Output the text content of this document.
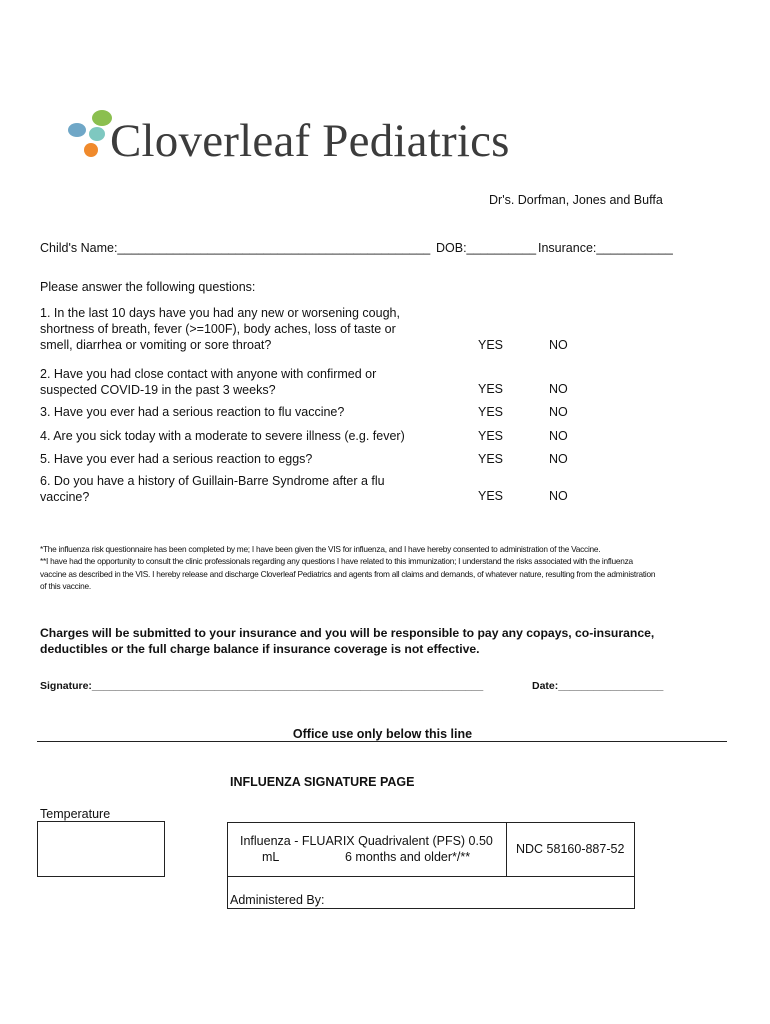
Cloverleaf Pediatrics
Dr's. Dorfman, Jones and Buffa
Child's Name:_____________________________________________ DOB:__________ Insurance:___________
Please answer the following questions:
1. In the last 10 days have you had any new or worsening cough, shortness of breath, fever (>=100F), body aches, loss of taste or smell, diarrhea or vomiting or sore throat?	YES	NO
2. Have you had close contact with anyone with confirmed or suspected COVID-19 in the past 3 weeks?	YES	NO
3. Have you ever had a serious reaction to flu vaccine?	YES	NO
4. Are you sick today with a moderate to severe illness (e.g. fever)	YES	NO
5. Have you ever had a serious reaction to eggs?	YES	NO
6. Do you have a history of Guillain-Barre Syndrome after a flu vaccine?	YES	NO
*The influenza risk questionnaire has been completed by me; I have been given the VIS for influenza, and I have hereby consented to administration of the Vaccine.
**I have had the opportunity to consult the clinic professionals regarding any questions I have related to this immunization; I understand the risks associated with the influenza vaccine as described in the VIS. I hereby release and discharge Cloverleaf Pediatrics and agents from all claims and demands, of whatever nature, resulting from the administration of this vaccine.
Charges will be submitted to your insurance and you will be responsible to pay any copays, co-insurance, deductibles or the full charge balance if insurance coverage is not effective.
Signature:___________________________________________________________________	Date:__________________
Office use only below this line
INFLUENZA SIGNATURE PAGE
Temperature
Influenza - FLUARIX Quadrivalent (PFS) 0.50
mL	6 months and older*/**
NDC 58160-887-52
Administered By:
